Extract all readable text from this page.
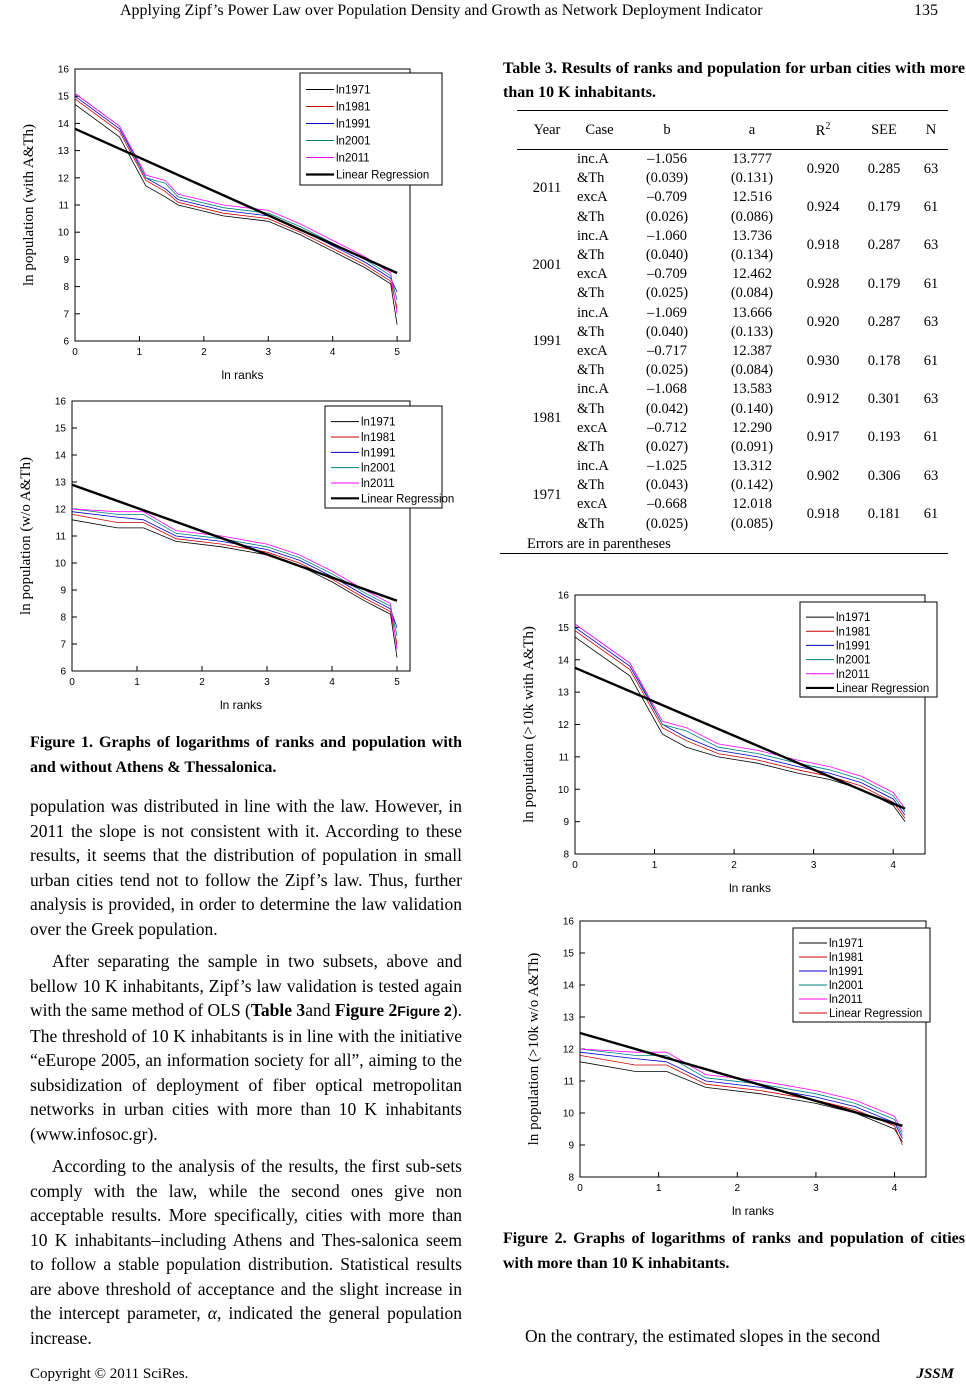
Applying Zipf’s Power Law over Population Density and Growth as Network Deployment Indicator	135
6
7
8
9
10
11
12
13
14
15
16
0	1	2	3	4	5
ln ranks
ln population (with A&Th)
ln1971
ln1981
ln1991
ln2001
ln2011
Linear Regression
6
7
8
9
10
11
12
13
14
15
16
0	1	2	3	4	5
ln ranks
ln population (w/o A&Th)
ln1971
ln1981
ln1991
ln2001
ln2011
Linear Regression
Figure 1. Graphs of logarithms of ranks and population with and without Athens & Thessalonica.

population was distributed in line with the law. However, in 2011 the slope is not consistent with it. According to these results, it seems that the distribution of population in small urban cities tend not to follow the Zipf’s law. Thus, further analysis is provided, in order to determine the law validation over the Greek population.

After separating the sample in two subsets, above and bellow 10 K inhabitants, Zipf’s law validation is tested again with the same method of OLS (Table 3and Figure 2Figure 2). The threshold of 10 K inhabitants is in line with the initiative “eEurope 2005, an information society for all”, aiming to the subsidization of deployment of fiber optical metropolitan networks in urban cities with more than 10 K inhabitants (www.infosoc.gr).

According to the analysis of the results, the first sub-sets comply with the law, while the second ones give non acceptable results. More specifically, cities with more than 10 K inhabitants–including Athens and Thes-salonica seem to follow a stable population distribution. Statistical results are above threshold of acceptance and the slight increase in the intercept parameter, α, indicated the general population increase.

Table 3. Results of ranks and population for urban cities with more than 10 K inhabitants.
Year	Case	b	a	$R^2$	SEE	N
2011	inc.A	–1.056	13.777	0.920	0.285	63
	&Th	(0.039)	(0.131)			
	excA	–0.709	12.516	0.924	0.179	61
	&Th	(0.026)	(0.086)			
2001	inc.A	–1.060	13.736	0.918	0.287	63
	&Th	(0.040)	(0.134)			
	excA	–0.709	12.462	0.928	0.179	61
	&Th	(0.025)	(0.084)			
1991	inc.A	–1.069	13.666	0.920	0.287	63
	&Th	(0.040)	(0.133)			
	excA	–0.717	12.387	0.930	0.178	61
	&Th	(0.025)	(0.084)			
1981	inc.A	–1.068	13.583	0.912	0.301	63
	&Th	(0.042)	(0.140)			
	excA	–0.712	12.290	0.917	0.193	61
	&Th	(0.027)	(0.091)			
1971	inc.A	–1.025	13.312	0.902	0.306	63
	&Th	(0.043)	(0.142)			
	excA	–0.668	12.018	0.918	0.181	61
	&Th	(0.025)	(0.085)			
Errors are in parentheses
8
9
10
11
12
13
14
15
16
0	1	2	3	4
ln ranks
ln population (>10k with A&Th)
ln1971
ln1981
ln1991
ln2001
ln2011
Linear Regression
8
9
10
11
12
13
14
15
16
0	1	2	3	4
ln ranks
ln population (>10k w/o A&Th)
ln1971
ln1981
ln1991
ln2001
ln2011
Linear Regression
Figure 2. Graphs of logarithms of ranks and population of cities with more than 10 K inhabitants.

On the contrary, the estimated slopes in the second

Copyright © 2011 SciRes.	JSSM
